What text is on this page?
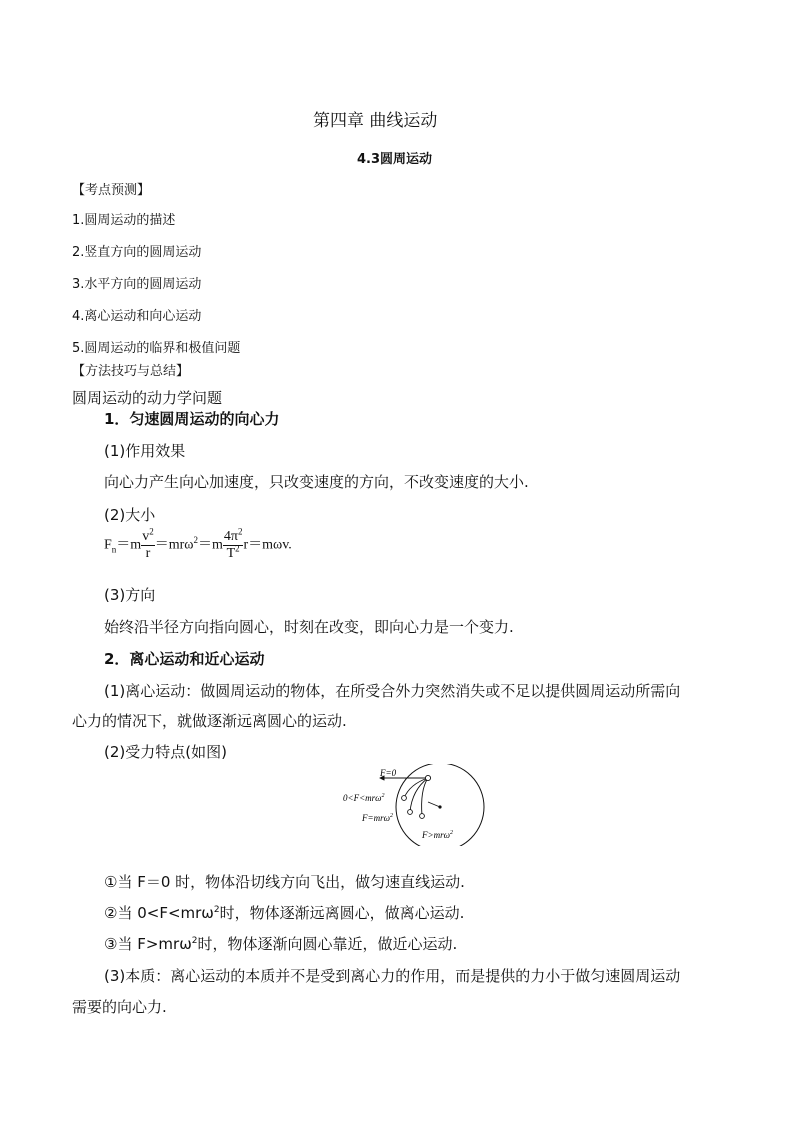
第四章 曲线运动
4.3圆周运动
【考点预测】
1.圆周运动的描述
2.竖直方向的圆周运动
3.水平方向的圆周运动
4.离心运动和向心运动
5.圆周运动的临界和极值问题
【方法技巧与总结】
圆周运动的动力学问题
1．匀速圆周运动的向心力
(1)作用效果
向心力产生向心加速度，只改变速度的方向，不改变速度的大小.
(2)大小
$F_n=m \frac{v^2}{r} =mr\omega^2=m \frac{4\pi^2}{T^2} r=m\omega v$.
(3)方向
始终沿半径方向指向圆心，时刻在改变，即向心力是一个变力.
2．离心运动和近心运动
(1)离心运动：做圆周运动的物体，在所受合外力突然消失或不足以提供圆周运动所需向
心力的情况下，就做逐渐远离圆心的运动.
(2)受力特点(如图)
F=0
0<F<mrω$^2$
F=mrω$^2$
F>mrω$^2$
①当 F＝0 时，物体沿切线方向飞出，做匀速直线运动.
②当 0<F<mrω$^2$时，物体逐渐远离圆心，做离心运动.
③当 F>mrω$^2$时，物体逐渐向圆心靠近，做近心运动.
(3)本质：离心运动的本质并不是受到离心力的作用，而是提供的力小于做匀速圆周运动
需要的向心力.
